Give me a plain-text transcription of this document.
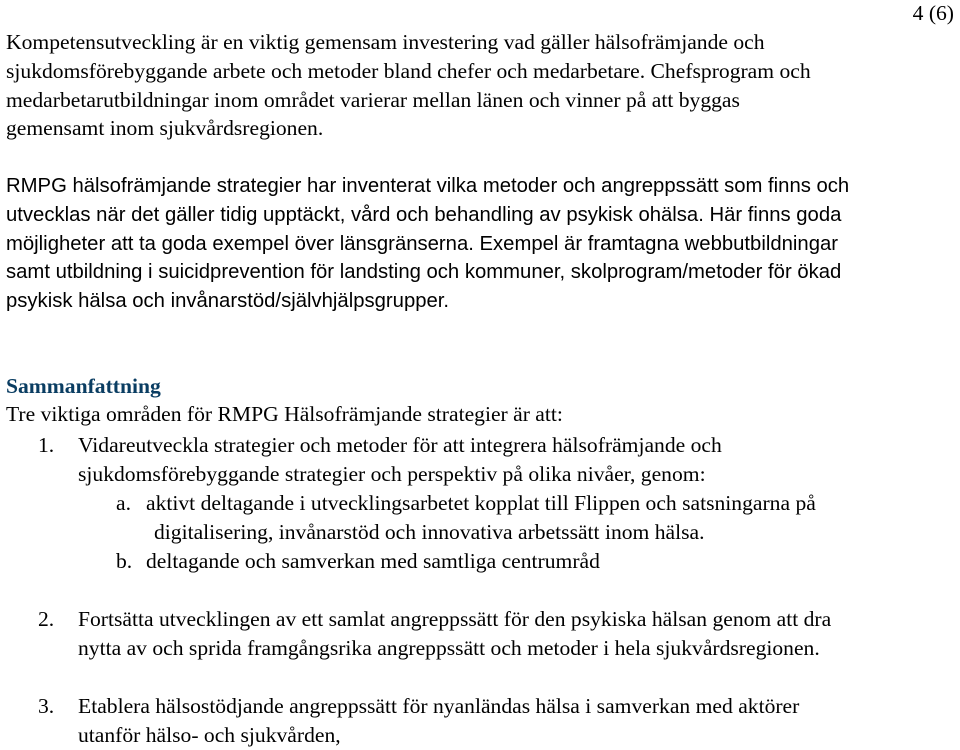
4 (6)
Kompetensutveckling är en viktig gemensam investering vad gäller hälsofrämjande och
sjukdomsförebyggande arbete och metoder bland chefer och medarbetare. Chefsprogram och
medarbetarutbildningar inom området varierar mellan länen och vinner på att byggas
gemensamt inom sjukvårdsregionen.
RMPG hälsofrämjande strategier har inventerat vilka metoder och angreppssätt som finns och
utvecklas när det gäller tidig upptäckt, vård och behandling av psykisk ohälsa. Här finns goda
möjligheter att ta goda exempel över länsgränserna. Exempel är framtagna webbutbildningar
samt utbildning i suicidprevention för landsting och kommuner, skolprogram/metoder för ökad
psykisk hälsa och invånarstöd/självhjälpsgrupper.
Sammanfattning
Tre viktiga områden för RMPG Hälsofrämjande strategier är att:
1. Vidareutveckla strategier och metoder för att integrera hälsofrämjande och
sjukdomsförebyggande strategier och perspektiv på olika nivåer, genom:
a. aktivt deltagande i utvecklingsarbetet kopplat till Flippen och satsningarna på
digitalisering, invånarstöd och innovativa arbetssätt inom hälsa.
b. deltagande och samverkan med samtliga centrumråd
2. Fortsätta utvecklingen av ett samlat angreppssätt för den psykiska hälsan genom att dra
nytta av och sprida framgångsrika angreppssätt och metoder i hela sjukvårdsregionen.
3. Etablera hälsostödjande angreppssätt för nyanländas hälsa i samverkan med aktörer
utanför hälso- och sjukvården,
